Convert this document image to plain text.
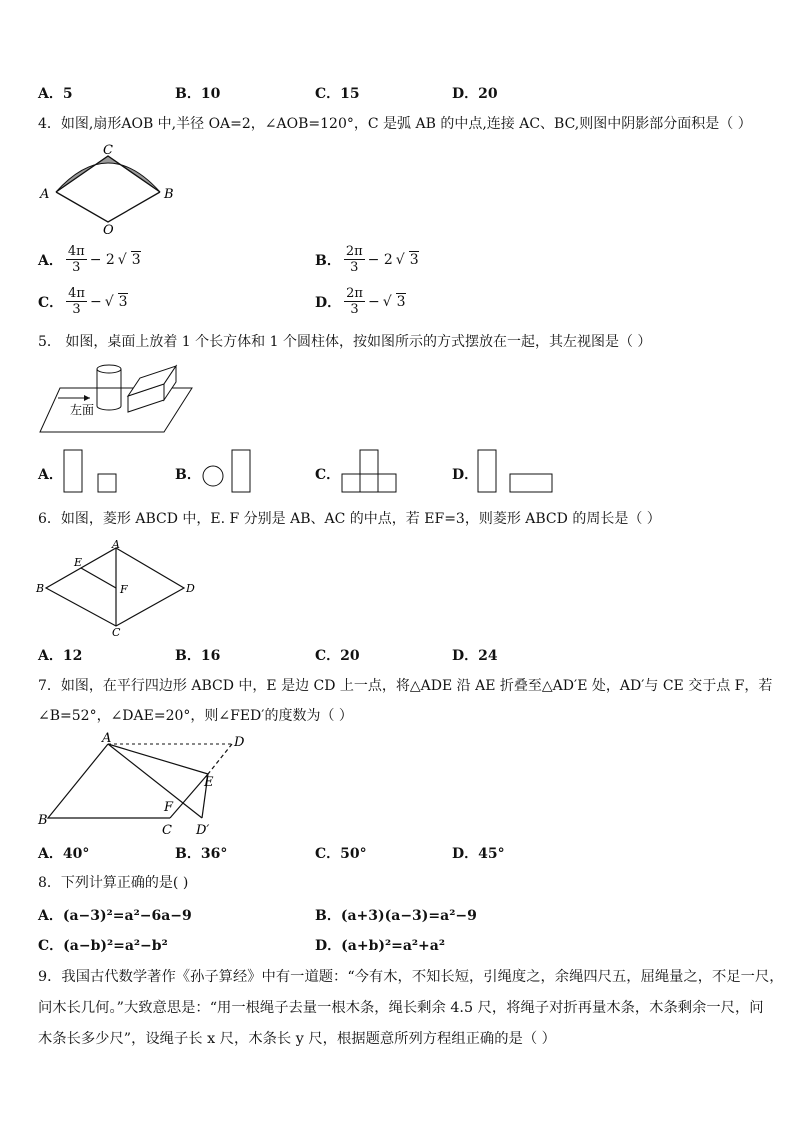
A．5	B．10	C．15	D．20
4．如图,扇形AOB 中,半径 OA=2，∠AOB=120°，C 是弧 AB 的中点,连接 AC、BC,则图中阴影部分面积是（ ）
A	B
C
O
A． $\frac{4\pi}{3} - 2$ √ 3	B． $\frac{2\pi}{3} - 2$ √ 3
C． $\frac{4\pi}{3}$ − √ 3	D． $\frac{2\pi}{3}$ − √ 3
5． 如图，桌面上放着 1 个长方体和 1 个圆柱体，按如图所示的方式摆放在一起，其左视图是（ ）
左面
A．	B．	C．	D．
6．如图，菱形 ABCD 中，E. F 分别是 AB、AC 的中点，若 EF=3，则菱形 ABCD 的周长是（ ）
A
B
C
D
E
F
A．12	B．16	C．20	D．24
7．如图，在平行四边形 ABCD 中，E 是边 CD 上一点，将△ADE 沿 AE 折叠至△AD′E 处，AD′与 CE 交于点 F，若
∠B=52°，∠DAE=20°，则∠FED′的度数为（ ）
A
B
C
D
E
F
D′
A．40°	B．36°	C．50°	D．45°
8．下列计算正确的是( )
A．(a−3)²=a²−6a−9	B．(a+3)(a−3)=a²−9
C．(a−b)²=a²−b²	D．(a+b)²=a²+a²
9．我国古代数学著作《孙子算经》中有一道题：“今有木，不知长短，引绳度之，余绳四尺五，屈绳量之，不足一尺，
问木长几何。”大致意思是：“用一根绳子去量一根木条，绳长剩余 4.5 尺，将绳子对折再量木条，木条剩余一尺，问
木条长多少尺”，设绳子长 x 尺，木条长 y 尺，根据题意所列方程组正确的是（ ）
